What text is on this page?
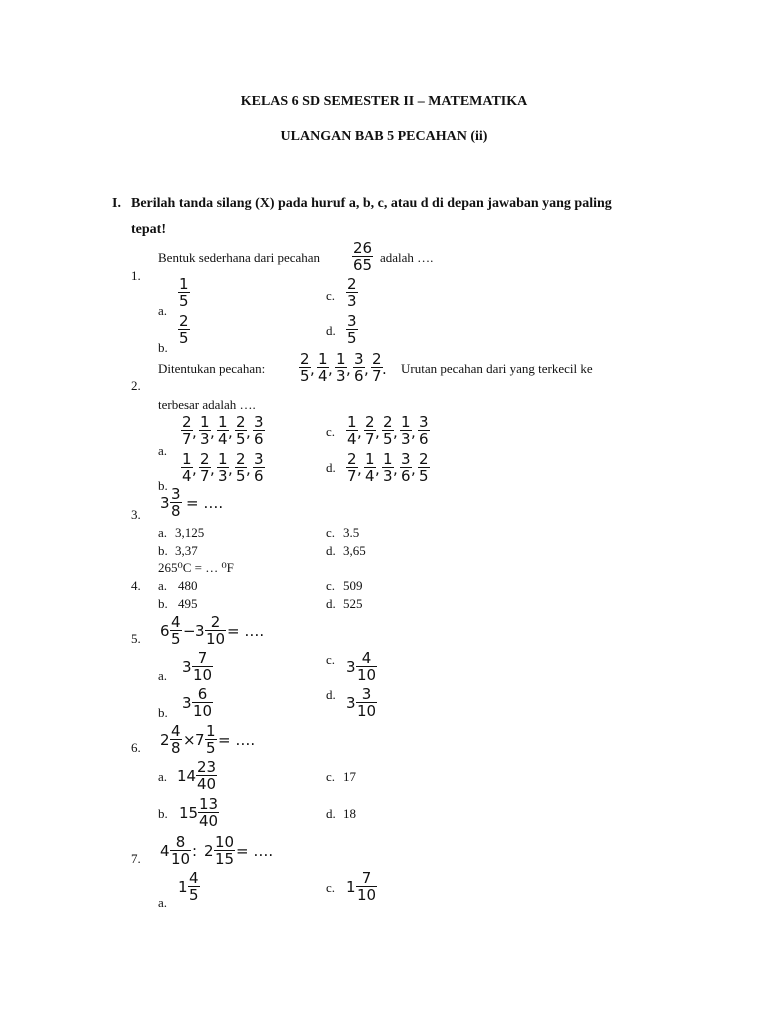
KELAS 6 SD SEMESTER II – MATEMATIKA
ULANGAN BAB 5 PECAHAN (ii)
I. Berilah tanda silang (X) pada huruf a, b, c, atau d di depan jawaban yang paling
tepat!
1.
Bentuk sederhana dari pecahan $\frac{26}{65}$ adalah ….
a.
$\frac{1}{5}$
b.
$\frac{2}{5}$
c. $\frac{2}{3}$
d. $\frac{3}{5}$
2.
Ditentukan pecahan: $\frac{2}{5}$ , $\frac{1}{4}$ , $\frac{1}{3}$ , $\frac{3}{6}$ , $\frac{2}{7}$ . Urutan pecahan dari yang terkecil ke
terbesar adalah ….
a.
$\frac{2}{7}$ , $\frac{1}{3}$ , $\frac{1}{4}$ , $\frac{2}{5}$ , $\frac{3}{6}$
b.
$\frac{1}{4}$ , $\frac{2}{7}$ , $\frac{1}{3}$ , $\frac{2}{5}$ , $\frac{3}{6}$
c. $\frac{1}{4}$ , $\frac{2}{7}$ , $\frac{2}{5}$ , $\frac{1}{3}$ , $\frac{3}{6}$
d. $\frac{2}{7}$ , $\frac{1}{4}$ , $\frac{1}{3}$ , $\frac{3}{6}$ , $\frac{2}{5}$
3.
$3 \frac{3}{8}$ = ….
a. 3,125
b. 3,37
c. 3.5
d. 3,65
265⁰C = … ⁰F
4. a. 480
b. 495
c. 509
d. 525
5. $6 \frac{4}{5} - 3 \frac{2}{10}$ = ….
a. $3 \frac{7}{10}$
b.
$3 \frac{6}{10}$
c. $3 \frac{4}{10}$
d. $3 \frac{3}{10}$
6. $2 \frac{4}{8} \times 7 \frac{1}{5}$ = ….
a. $14 \frac{23}{40}$
b. $15 \frac{13}{40}$
c. 17
d. 18
7. $4 \frac{8}{10}$ : $2 \frac{10}{15}$ = ….
a.
$1 \frac{4}{5}$	c. $1 \frac{7}{10}$
